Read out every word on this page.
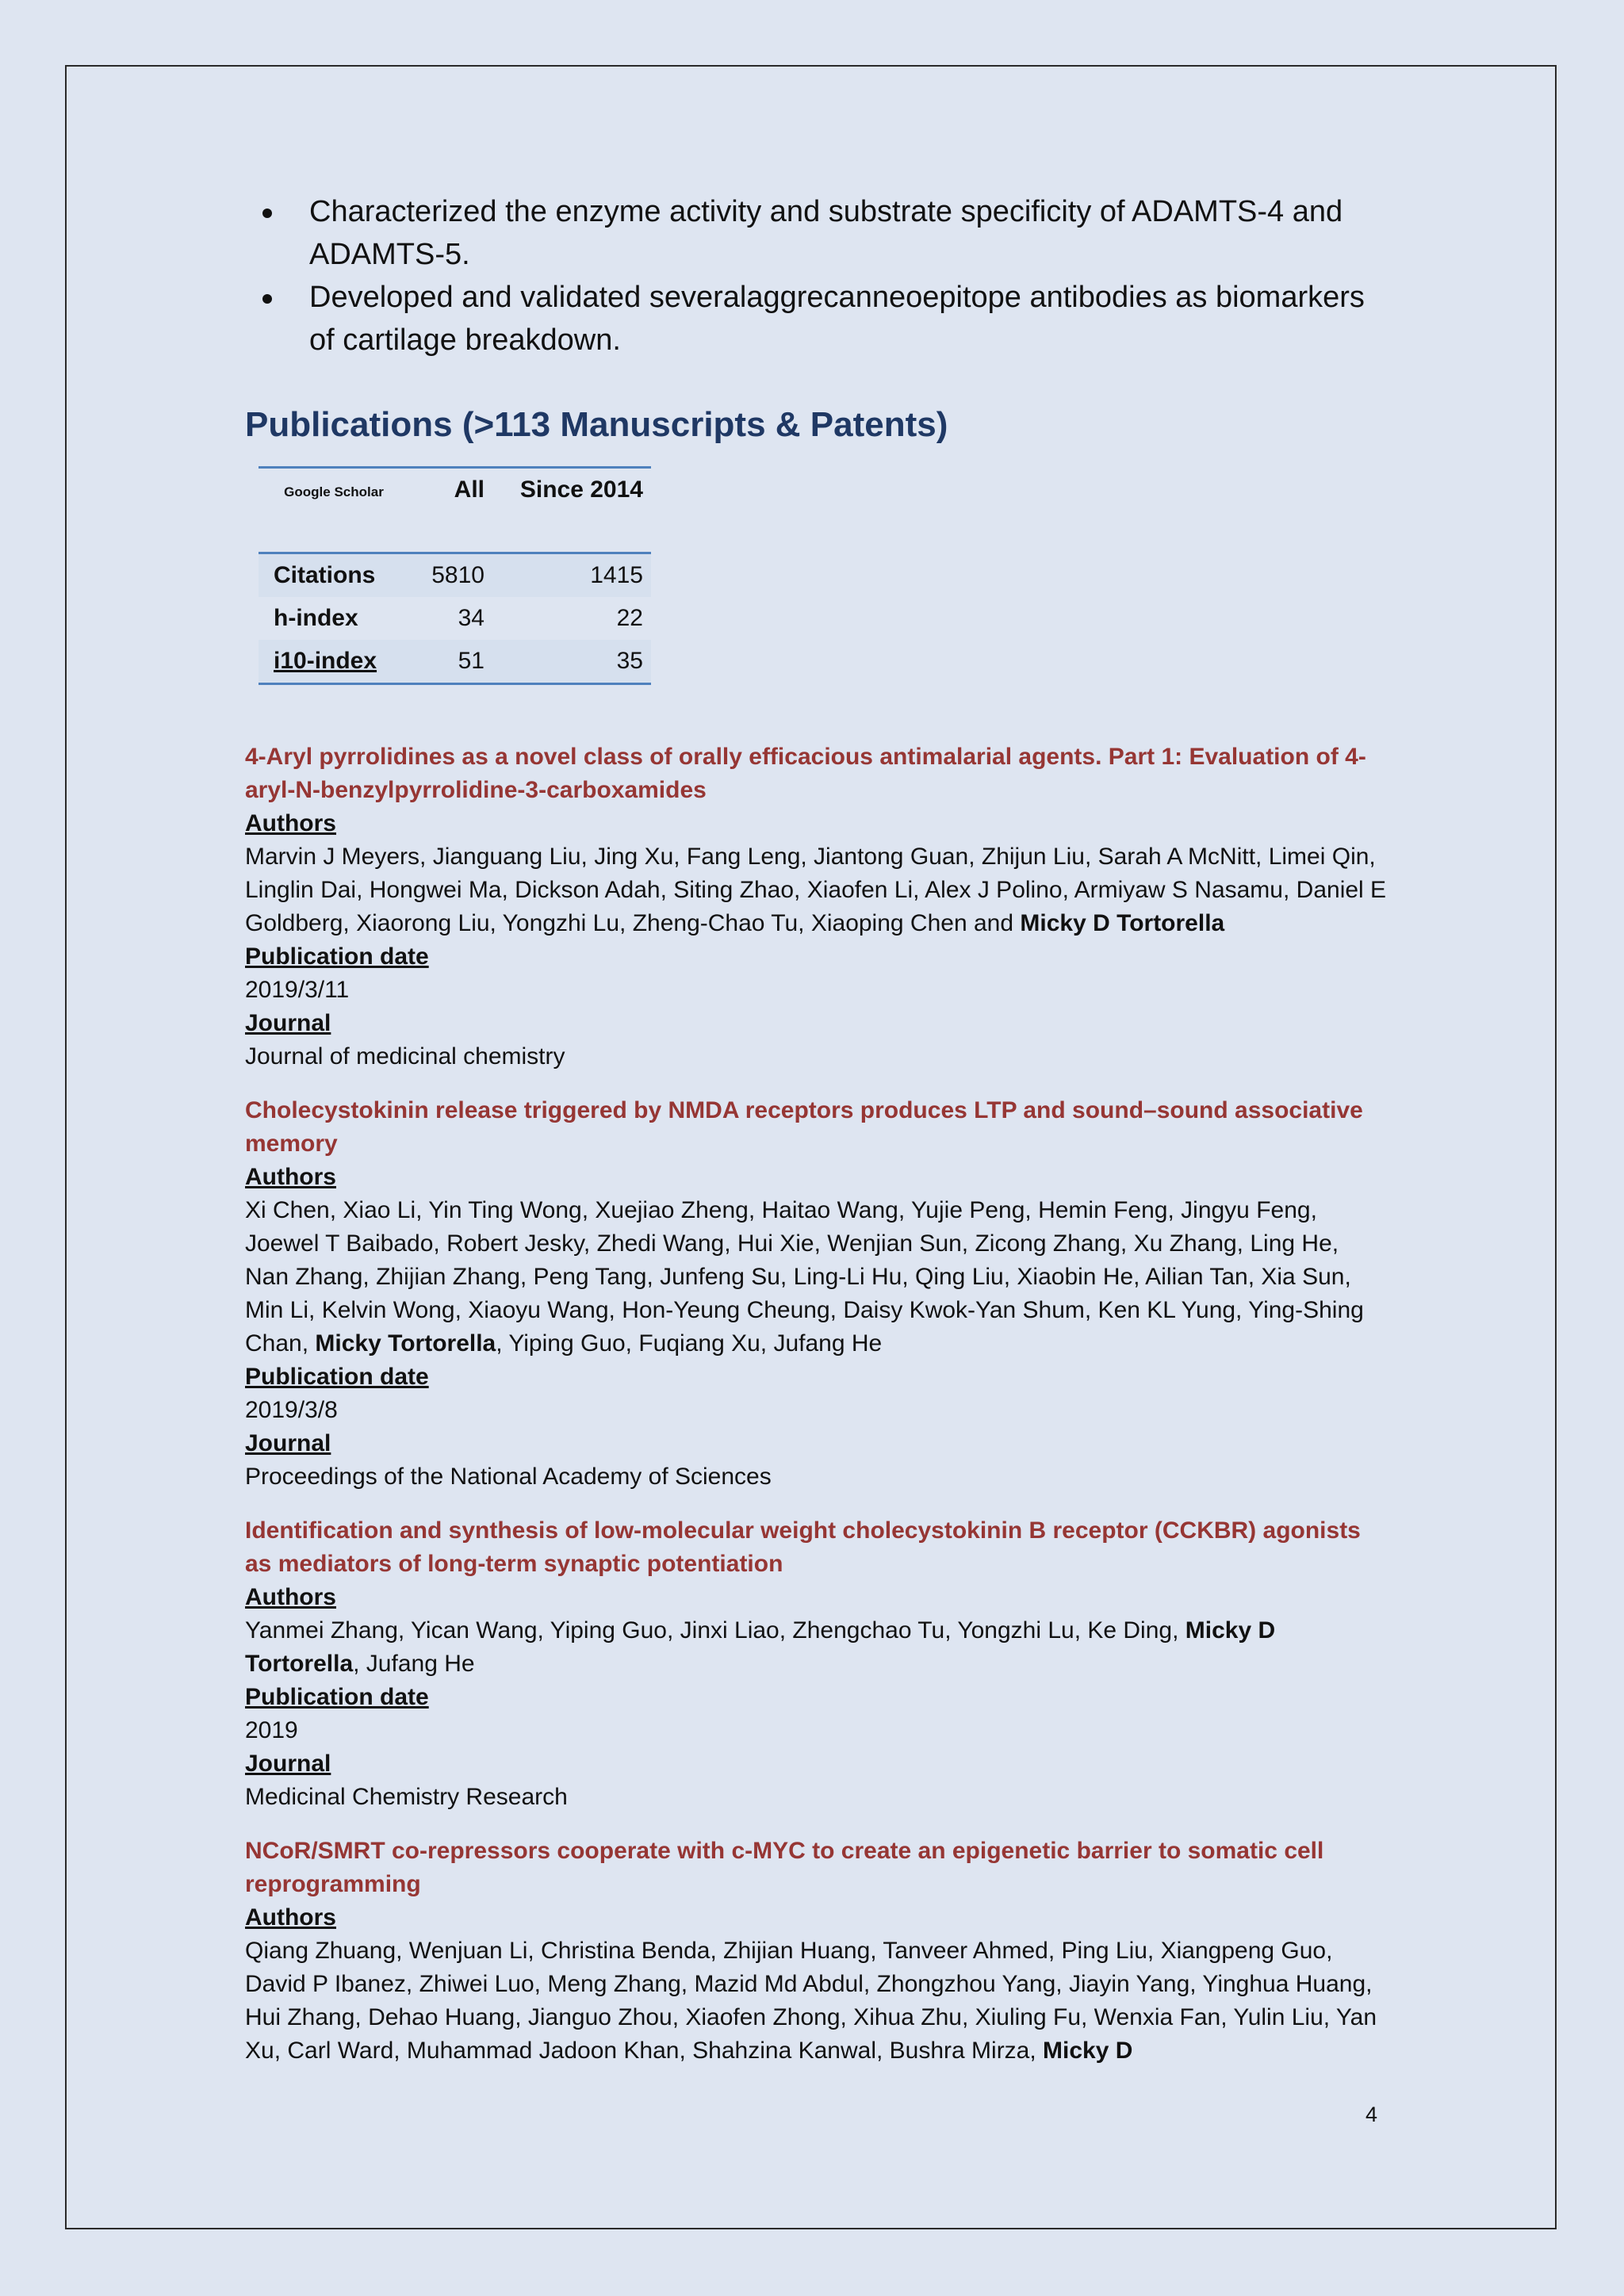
Characterized the enzyme activity and substrate specificity of ADAMTS-4 and ADAMTS-5.
Developed and validated severalaggrecanneoepitope antibodies as biomarkers of cartilage breakdown.
Publications (>113 Manuscripts & Patents)
Google Scholar	All	Since 2014
Citations	5810	1415
h-index	34	22
i10-index	51	35
4-Aryl pyrrolidines as a novel class of orally efficacious antimalarial agents. Part 1: Evaluation of 4-aryl-N-benzylpyrrolidine-3-carboxamides
Authors
Marvin J Meyers, Jianguang Liu, Jing Xu, Fang Leng, Jiantong Guan, Zhijun Liu, Sarah A McNitt, Limei Qin, Linglin Dai, Hongwei Ma, Dickson Adah, Siting Zhao, Xiaofen Li, Alex J Polino, Armiyaw S Nasamu, Daniel E Goldberg, Xiaorong Liu, Yongzhi Lu, Zheng-Chao Tu, Xiaoping Chen and Micky D Tortorella
Publication date
2019/3/11
Journal
Journal of medicinal chemistry
Cholecystokinin release triggered by NMDA receptors produces LTP and sound–sound associative memory
Authors
Xi Chen, Xiao Li, Yin Ting Wong, Xuejiao Zheng, Haitao Wang, Yujie Peng, Hemin Feng, Jingyu Feng, Joewel T Baibado, Robert Jesky, Zhedi Wang, Hui Xie, Wenjian Sun, Zicong Zhang, Xu Zhang, Ling He, Nan Zhang, Zhijian Zhang, Peng Tang, Junfeng Su, Ling-Li Hu, Qing Liu, Xiaobin He, Ailian Tan, Xia Sun, Min Li, Kelvin Wong, Xiaoyu Wang, Hon-Yeung Cheung, Daisy Kwok-Yan Shum, Ken KL Yung, Ying-Shing Chan, Micky Tortorella, Yiping Guo, Fuqiang Xu, Jufang He
Publication date
2019/3/8
Journal
Proceedings of the National Academy of Sciences
Identification and synthesis of low-molecular weight cholecystokinin B receptor (CCKBR) agonists as mediators of long-term synaptic potentiation
Authors
Yanmei Zhang, Yican Wang, Yiping Guo, Jinxi Liao, Zhengchao Tu, Yongzhi Lu, Ke Ding, Micky D Tortorella, Jufang He
Publication date
2019
Journal
Medicinal Chemistry Research
NCoR/SMRT co-repressors cooperate with c-MYC to create an epigenetic barrier to somatic cell reprogramming
Authors
Qiang Zhuang, Wenjuan Li, Christina Benda, Zhijian Huang, Tanveer Ahmed, Ping Liu, Xiangpeng Guo, David P Ibanez, Zhiwei Luo, Meng Zhang, Mazid Md Abdul, Zhongzhou Yang, Jiayin Yang, Yinghua Huang, Hui Zhang, Dehao Huang, Jianguo Zhou, Xiaofen Zhong, Xihua Zhu, Xiuling Fu, Wenxia Fan, Yulin Liu, Yan Xu, Carl Ward, Muhammad Jadoon Khan, Shahzina Kanwal, Bushra Mirza, Micky D
4
